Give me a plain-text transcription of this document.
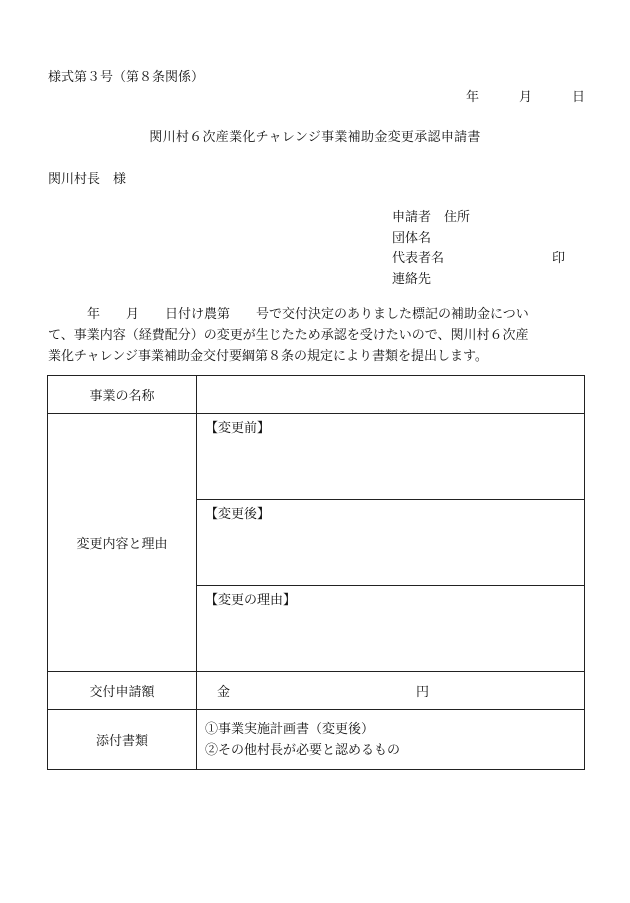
様式第３号（第８条関係）
年	月	日
関川村６次産業化チャレンジ事業補助金変更承認申請書
関川村長　様
申請者　 住所
団体名
代表者名	印
連絡先
　　　年　　月　　日付け農第　　号で交付決定のありました標記の補助金につい
て、事業内容（経費配分）の変更が生じたため承認を受けたいので、関川村６次産
業化チャレンジ事業補助金交付要綱第８条の規定により書類を提出します。
事業の名称	
変更内容と理由	【変更前】
	【変更後】
	【変更の理由】
交付申請額	金 円
添付書類	①事業実施計画書（変更後）
②その他村長が必要と認めるもの
